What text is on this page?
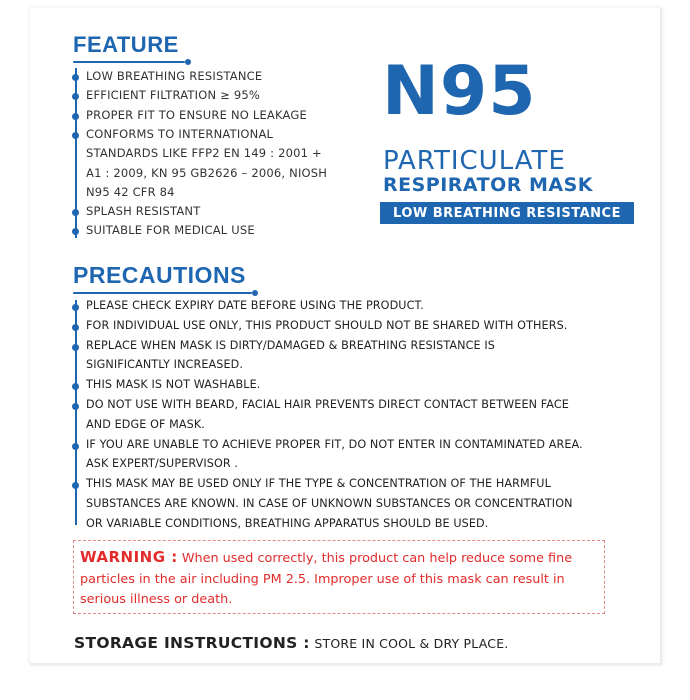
FEATURE
LOW BREATHING RESISTANCE
EFFICIENT FILTRATION ≥ 95%
PROPER FIT TO ENSURE NO LEAKAGE
CONFORMS TO INTERNATIONAL
STANDARDS LIKE FFP2 EN 149 : 2001 +
A1 : 2009, KN 95 GB2626 – 2006, NIOSH
N95 42 CFR 84
SPLASH RESISTANT
SUITABLE FOR MEDICAL USE
N95
PARTICULATE
RESPIRATOR MASK
LOW BREATHING RESISTANCE
PRECAUTIONS
PLEASE CHECK EXPIRY DATE BEFORE USING THE PRODUCT.
FOR INDIVIDUAL USE ONLY, THIS PRODUCT SHOULD NOT BE SHARED WITH OTHERS.
REPLACE WHEN MASK IS DIRTY/DAMAGED & BREATHING RESISTANCE IS
SIGNIFICANTLY INCREASED.
THIS MASK IS NOT WASHABLE.
DO NOT USE WITH BEARD, FACIAL HAIR PREVENTS DIRECT CONTACT BETWEEN FACE
AND EDGE OF MASK.
IF YOU ARE UNABLE TO ACHIEVE PROPER FIT, DO NOT ENTER IN CONTAMINATED AREA.
ASK EXPERT/SUPERVISOR .
THIS MASK MAY BE USED ONLY IF THE TYPE & CONCENTRATION OF THE HARMFUL
SUBSTANCES ARE KNOWN. IN CASE OF UNKNOWN SUBSTANCES OR CONCENTRATION
OR VARIABLE CONDITIONS, BREATHING APPARATUS SHOULD BE USED.
WARNING : When used correctly, this product can help reduce some fine
particles in the air including PM 2.5. Improper use of this mask can result in
serious illness or death.
STORAGE INSTRUCTIONS : STORE IN COOL & DRY PLACE.
